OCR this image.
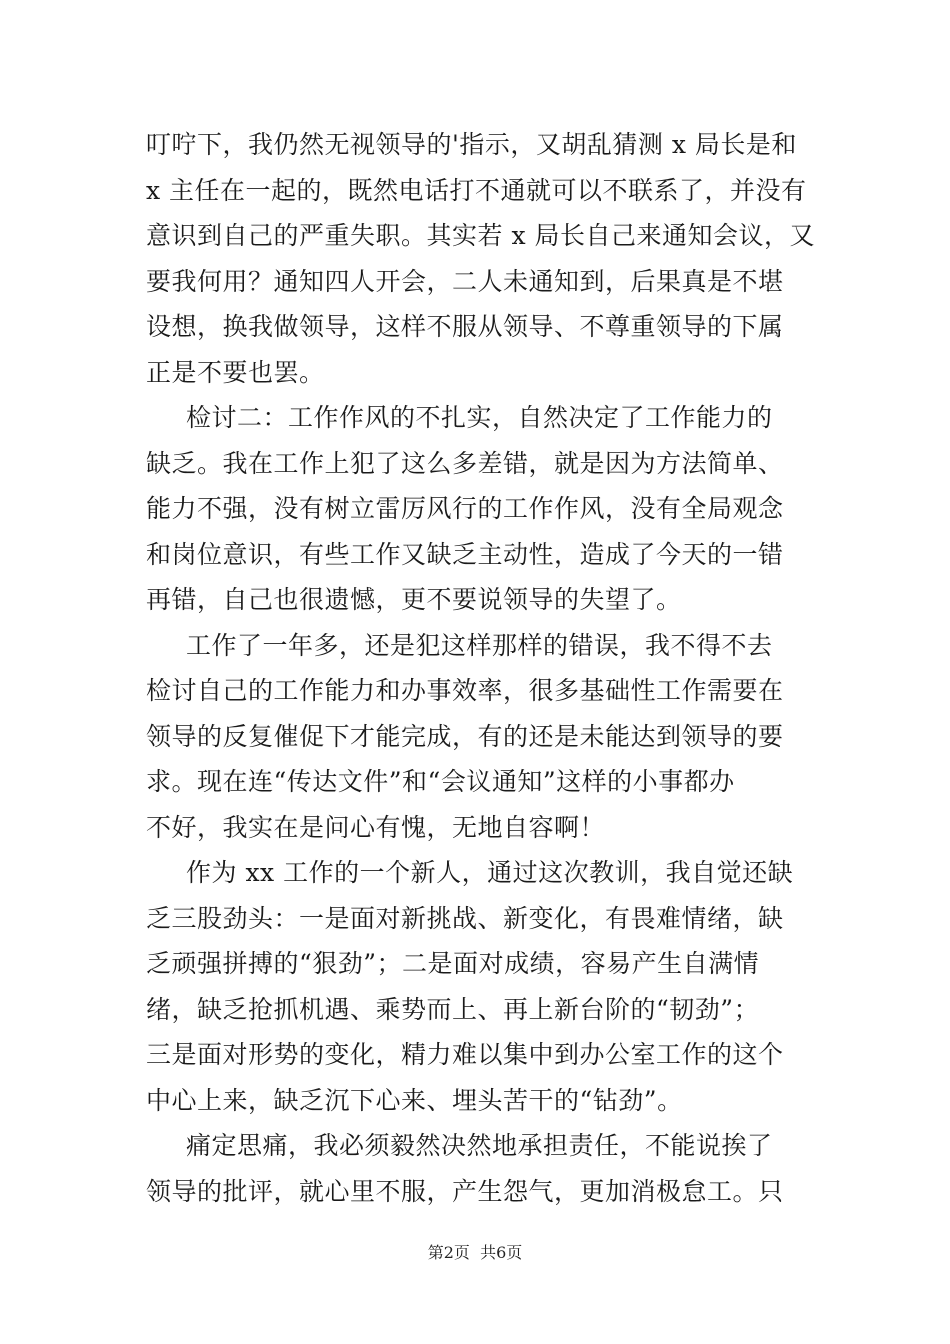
叮咛下，我仍然无视领导的'指示，又胡乱猜测 x 局长是和
x 主任在一起的，既然电话打不通就可以不联系了，并没有
意识到自己的严重失职。其实若 x 局长自己来通知会议，又
要我何用？通知四人开会，二人未通知到，后果真是不堪
设想，换我做领导，这样不服从领导、不尊重领导的下属
正是不要也罢。
检讨二：工作作风的不扎实，自然决定了工作能力的
缺乏。我在工作上犯了这么多差错，就是因为方法简单、
能力不强，没有树立雷厉风行的工作作风，没有全局观念
和岗位意识，有些工作又缺乏主动性，造成了今天的一错
再错，自己也很遗憾，更不要说领导的失望了。
工作了一年多，还是犯这样那样的错误，我不得不去
检讨自己的工作能力和办事效率，很多基础性工作需要在
领导的反复催促下才能完成，有的还是未能达到领导的要
求。现在连“传达文件”和“会议通知”这样的小事都办
不好，我实在是问心有愧，无地自容啊！
作为 xx 工作的一个新人，通过这次教训，我自觉还缺
乏三股劲头：一是面对新挑战、新变化，有畏难情绪，缺
乏顽强拼搏的“狠劲”；二是面对成绩，容易产生自满情
绪，缺乏抢抓机遇、乘势而上、再上新台阶的“韧劲”；
三是面对形势的变化，精力难以集中到办公室工作的这个
中心上来，缺乏沉下心来、埋头苦干的“钻劲”。
痛定思痛，我必须毅然决然地承担责任，不能说挨了
领导的批评，就心里不服，产生怨气，更加消极怠工。只
第2页  共6页
